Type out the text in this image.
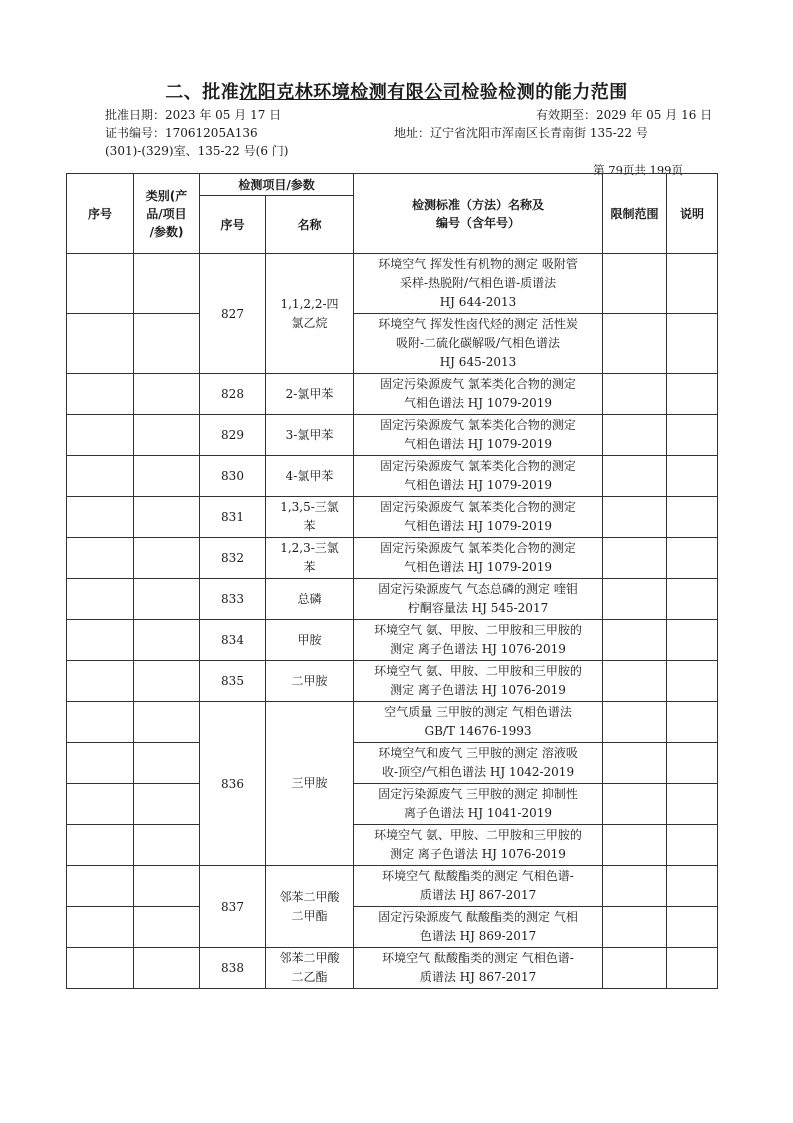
二、批准沈阳克林环境检测有限公司检验检测的能力范围
批准日期：2023 年 05 月 17 日	有效期至：2029 年 05 月 16 日
证书编号：17061205A136	地址：辽宁省沈阳市浑南区长青南街 135-22 号
(301)-(329)室、135-22 号(6 门)
第 79页共 199页
序号	类别(产
品/项目
/参数)	检测项目/参数		检测标准（方法）名称及
编号（含年号）	限制范围	说明
		序号	名称			
		827	1,1,2,2-四
氯乙烷	环境空气 挥发性有机物的测定 吸附管
采样-热脱附/气相色谱-质谱法
HJ 644-2013		
				环境空气 挥发性卤代烃的测定 活性炭
吸附-二硫化碳解吸/气相色谱法
HJ 645-2013		
		828	2-氯甲苯	固定污染源废气 氯苯类化合物的测定
气相色谱法 HJ 1079-2019		
		829	3-氯甲苯	固定污染源废气 氯苯类化合物的测定
气相色谱法 HJ 1079-2019		
		830	4-氯甲苯	固定污染源废气 氯苯类化合物的测定
气相色谱法 HJ 1079-2019		
		831	1,3,5-三氯
苯	固定污染源废气 氯苯类化合物的测定
气相色谱法 HJ 1079-2019		
		832	1,2,3-三氯
苯	固定污染源废气 氯苯类化合物的测定
气相色谱法 HJ 1079-2019		
		833	总磷	固定污染源废气 气态总磷的测定 喹钼
柠酮容量法 HJ 545-2017		
		834	甲胺	环境空气 氨、甲胺、二甲胺和三甲胺的
测定 离子色谱法 HJ 1076-2019		
		835	二甲胺	环境空气 氨、甲胺、二甲胺和三甲胺的
测定 离子色谱法 HJ 1076-2019		
		836	三甲胺	空气质量 三甲胺的测定 气相色谱法
GB/T 14676-1993		
				环境空气和废气 三甲胺的测定 溶液吸
收-顶空/气相色谱法 HJ 1042-2019		
				固定污染源废气 三甲胺的测定 抑制性
离子色谱法 HJ 1041-2019		
				环境空气 氨、甲胺、二甲胺和三甲胺的
测定 离子色谱法 HJ 1076-2019		
		837	邻苯二甲酸
二甲酯	环境空气 酞酸酯类的测定 气相色谱-
质谱法 HJ 867-2017		
				固定污染源废气 酞酸酯类的测定 气相
色谱法 HJ 869-2017		
		838	邻苯二甲酸
二乙酯	环境空气 酞酸酯类的测定 气相色谱-
质谱法 HJ 867-2017		
